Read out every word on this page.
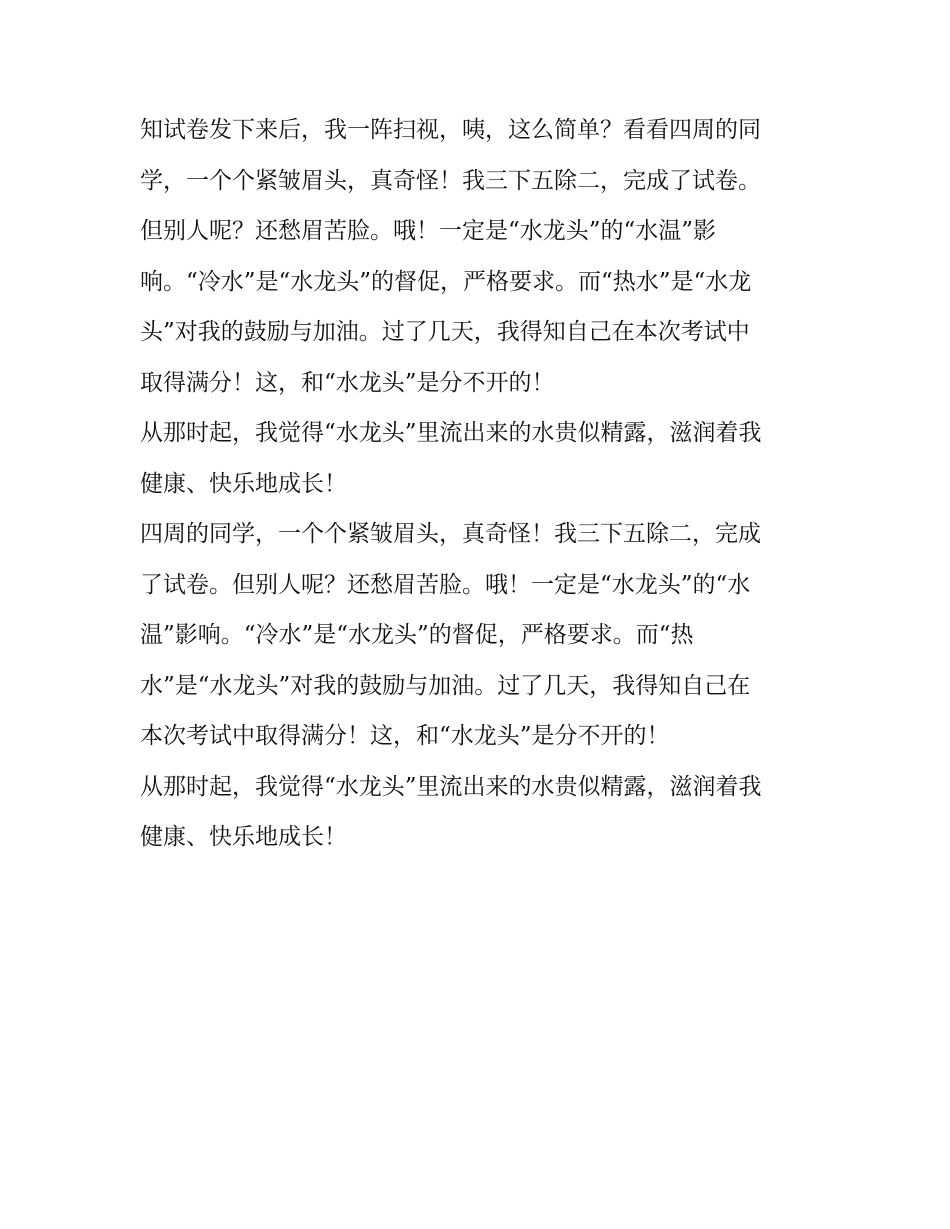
知试卷发下来后，我一阵扫视，咦，这么简单？看看四周的同
学，一个个紧皱眉头，真奇怪！我三下五除二，完成了试卷。
但别人呢？还愁眉苦脸。哦！一定是“水龙头”的“水温”影
响。“冷水”是“水龙头”的督促，严格要求。而“热水”是“水龙
头”对我的鼓励与加油。过了几天，我得知自己在本次考试中
取得满分！这，和“水龙头”是分不开的！
从那时起，我觉得“水龙头”里流出来的水贵似精露，滋润着我
健康、快乐地成长！
四周的同学，一个个紧皱眉头，真奇怪！我三下五除二，完成
了试卷。但别人呢？还愁眉苦脸。哦！一定是“水龙头”的“水
温”影响。“冷水”是“水龙头”的督促，严格要求。而“热
水”是“水龙头”对我的鼓励与加油。过了几天，我得知自己在
本次考试中取得满分！这，和“水龙头”是分不开的！
从那时起，我觉得“水龙头”里流出来的水贵似精露，滋润着我
健康、快乐地成长！
